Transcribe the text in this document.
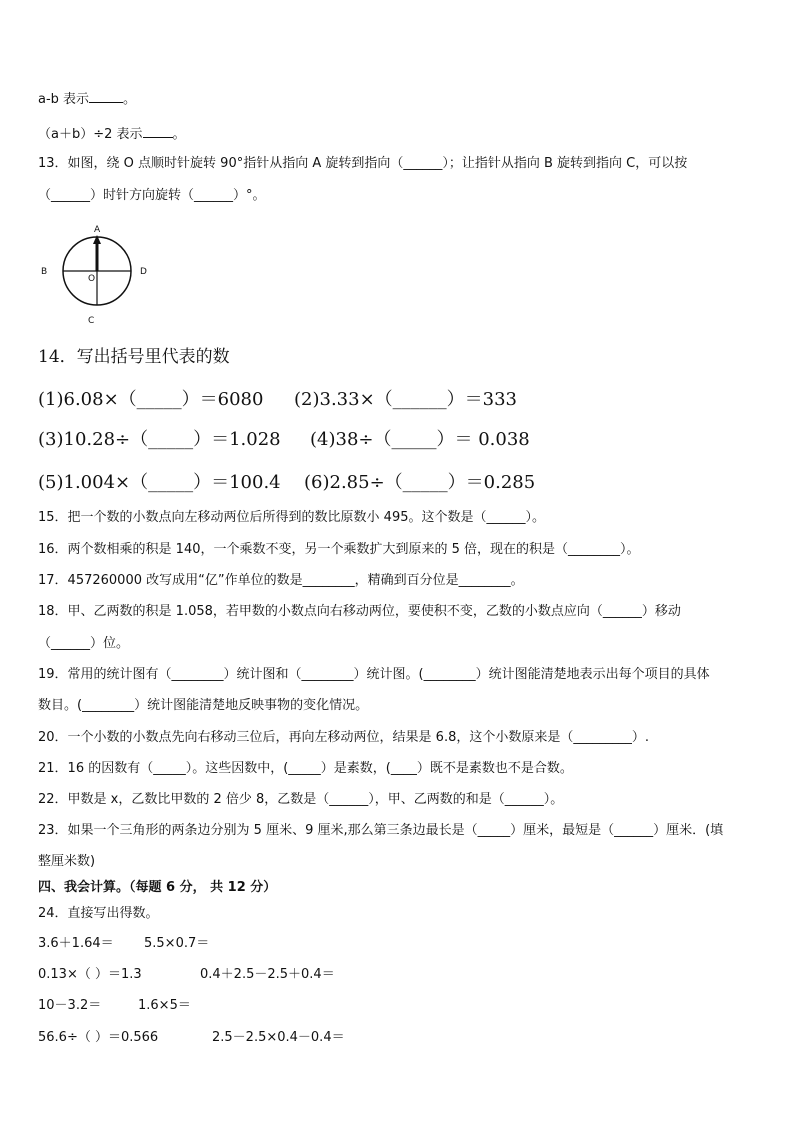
a-b 表示	。
（a＋b）÷2 表示 。
13．如图，绕 O 点顺时针旋转 90°指针从指向 A 旋转到指向（______）；让指针从指向 B 旋转到指向 C，可以按
（______）时针方向旋转（______）°。
A
B
C
D
O
14．写出括号里代表的数
(1)6.08×（_____）＝6080 (2)3.33×（______）＝333
(3)10.28÷（_____）＝1.028 (4)38÷（_____）＝ 0.038
(5)1.004×（_____）＝100.4 (6)2.85÷（_____）＝0.285
15．把一个数的小数点向左移动两位后所得到的数比原数小 495。这个数是（______）。
16．两个数相乘的积是 140，一个乘数不变，另一个乘数扩大到原来的 5 倍，现在的积是（________）。
17．457260000 改写成用“亿”作单位的数是________，精确到百分位是________。
18．甲、乙两数的积是 1.058，若甲数的小数点向右移动两位，要使积不变，乙数的小数点应向（______）移动
（______）位。
19．常用的统计图有（________）统计图和（________）统计图。(________）统计图能清楚地表示出每个项目的具体
数目。(________）统计图能清楚地反映事物的变化情况。
20．一个小数的小数点先向右移动三位后，再向左移动两位，结果是 6.8，这个小数原来是（_________）.
21．16 的因数有（_____）。这些因数中，(_____）是素数，(____）既不是素数也不是合数。
22．甲数是 x，乙数比甲数的 2 倍少 8，乙数是（______），甲、乙两数的和是（______）。
23．如果一个三角形的两条边分别为 5 厘米、9 厘米,那么第三条边最长是（_____）厘米，最短是（______）厘米．(填
整厘米数)
四、我会计算。（每题 6 分， 共 12 分）
24．直接写出得数。
3.6＋1.64＝ 5.5×0.7＝
0.13×（ ）＝1.3	0.4＋2.5－2.5＋0.4＝
10－3.2＝	1.6×5＝
56.6÷（ ）＝0.566	2.5－2.5×0.4－0.4＝
